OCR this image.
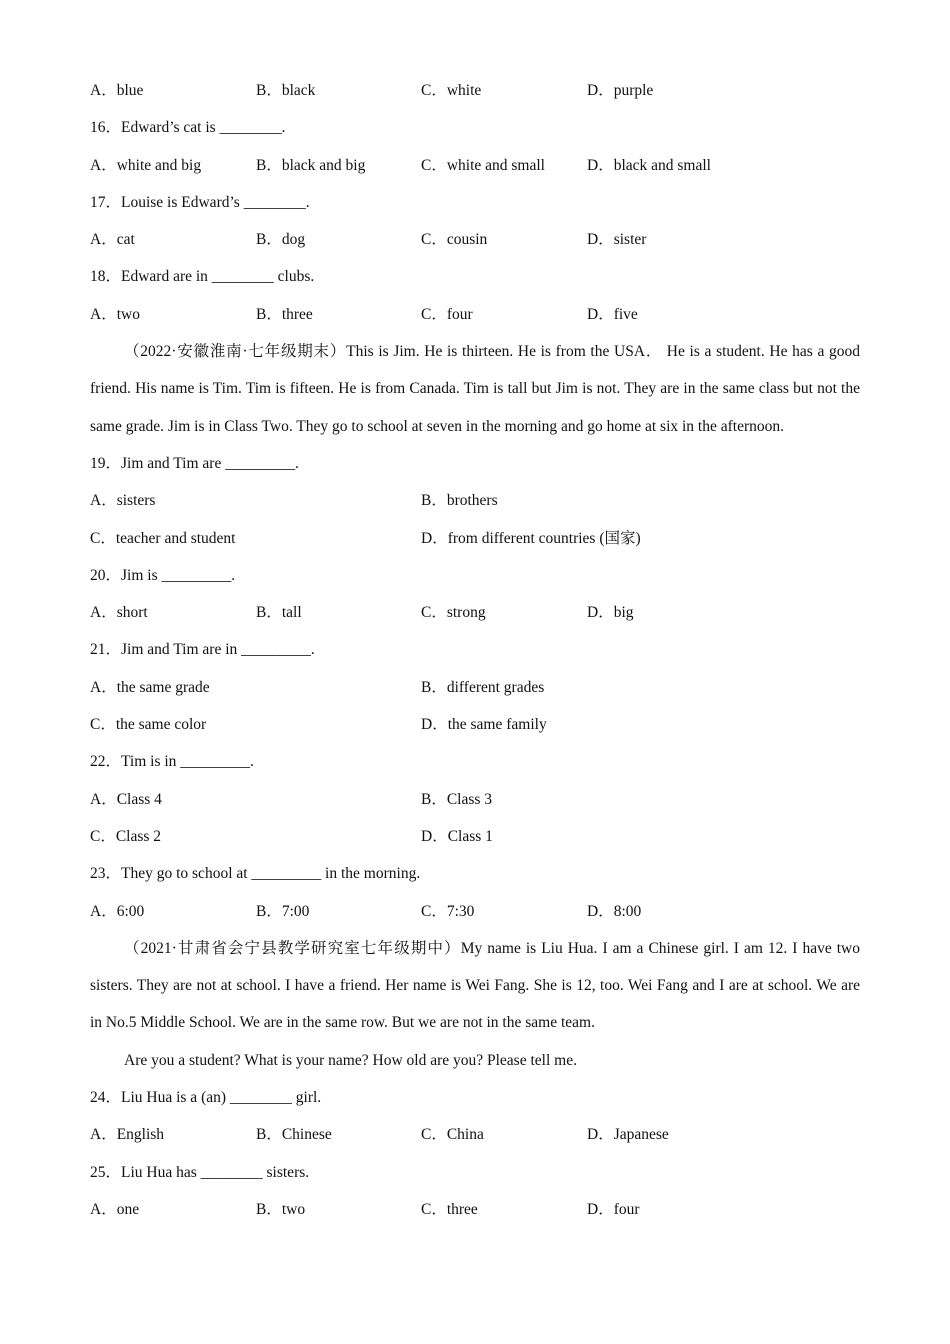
A．blue	B．black	C．white	D．purple
16．Edward’s cat is ________.
A．white and big	B．black and big	C．white and small	D．black and small
17．Louise is Edward’s ________.
A．cat	B．dog	C．cousin	D．sister
18．Edward are in ________ clubs.
A．two	B．three	C．four	D．five

（2022·安徽淮南·七年级期末）This is Jim. He is thirteen. He is from the USA． He is a student. He has a good friend. His name is Tim. Tim is fifteen. He is from Canada. Tim is tall but Jim is not. They are in the same class but not the same grade. Jim is in Class Two. They go to school at seven in the morning and go home at six in the afternoon.

19．Jim and Tim are _________.
A．sisters	B．brothers
C．teacher and student	D．from different countries (国家)
20．Jim is _________.
A．short	B．tall	C．strong	D．big
21．Jim and Tim are in _________.
A．the same grade	B．different grades
C．the same color	D．the same family
22．Tim is in _________.
A．Class 4	B．Class 3
C．Class 2	D．Class 1
23．They go to school at _________ in the morning.
A．6:00	B．7:00	C．7:30	D．8:00

（2021·甘肃省会宁县教学研究室七年级期中）My name is Liu Hua. I am a Chinese girl. I am 12. I have two sisters. They are not at school. I have a friend. Her name is Wei Fang. She is 12, too. Wei Fang and I are at school. We are in No.5 Middle School. We are in the same row. But we are not in the same team.

Are you a student? What is your name? How old are you? Please tell me.

24．Liu Hua is a (an) ________ girl.
A．English	B．Chinese	C．China	D．Japanese
25．Liu Hua has ________ sisters.
A．one	B．two	C．three	D．four
